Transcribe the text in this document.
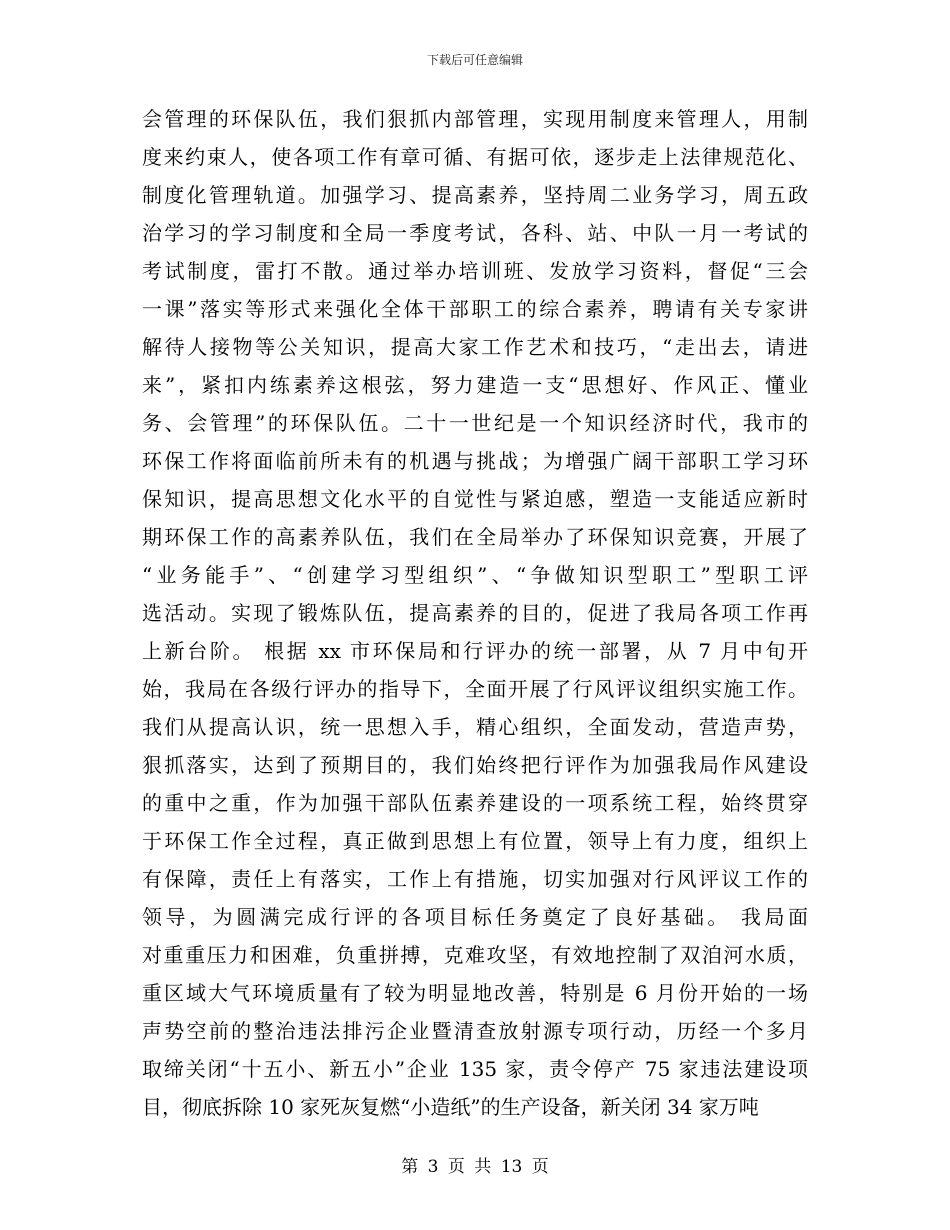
下载后可任意编辑
会管理的环保队伍，我们狠抓内部管理，实现用制度来管理人，用制
度来约束人，使各项工作有章可循、有据可依，逐步走上法律规范化、
制度化管理轨道。加强学习、提高素养，坚持周二业务学习，周五政
治学习的学习制度和全局一季度考试，各科、站、中队一月一考试的
考试制度，雷打不散。通过举办培训班、发放学习资料，督促“三会
一课”落实等形式来强化全体干部职工的综合素养，聘请有关专家讲
解待人接物等公关知识，提高大家工作艺术和技巧，“走出去，请进
来”，紧扣内练素养这根弦，努力建造一支“思想好、作风正、懂业
务、会管理”的环保队伍。二十一世纪是一个知识经济时代，我市的
环保工作将面临前所未有的机遇与挑战；为增强广阔干部职工学习环
保知识，提高思想文化水平的自觉性与紧迫感，塑造一支能适应新时
期环保工作的高素养队伍，我们在全局举办了环保知识竞赛，开展了
“业务能手”、“创建学习型组织”、“争做知识型职工”型职工评
选活动。实现了锻炼队伍，提高素养的目的，促进了我局各项工作再
上新台阶。 根据 xx 市环保局和行评办的统一部署，从 7 月中旬开
始，我局在各级行评办的指导下，全面开展了行风评议组织实施工作。
我们从提高认识，统一思想入手，精心组织，全面发动，营造声势，
狠抓落实，达到了预期目的，我们始终把行评作为加强我局作风建设
的重中之重，作为加强干部队伍素养建设的一项系统工程，始终贯穿
于环保工作全过程，真正做到思想上有位置，领导上有力度，组织上
有保障，责任上有落实，工作上有措施，切实加强对行风评议工作的
领导，为圆满完成行评的各项目标任务奠定了良好基础。 我局面
对重重压力和困难，负重拼搏，克难攻坚，有效地控制了双洎河水质，
重区域大气环境质量有了较为明显地改善，特别是 6 月份开始的一场
声势空前的整治违法排污企业暨清查放射源专项行动，历经一个多月
取缔关闭“十五小、新五小”企业 135 家，责令停产 75 家违法建设项
目，彻底拆除 10 家死灰复燃“小造纸”的生产设备，新关闭 34 家万吨
第 3 页 共 13 页
